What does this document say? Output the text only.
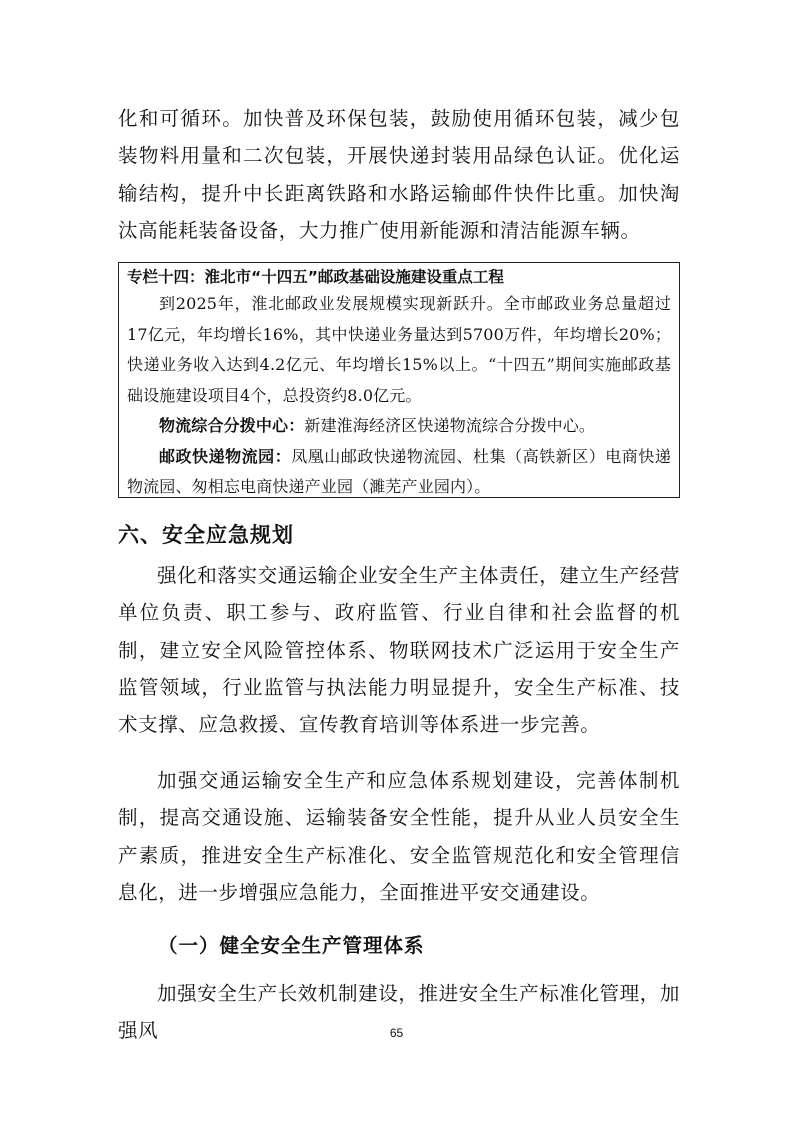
化和可循环。加快普及环保包装，鼓励使用循环包装，减少包装物料用量和二次包装，开展快递封装用品绿色认证。优化运输结构，提升中长距离铁路和水路运输邮件快件比重。加快淘汰高能耗装备设备，大力推广使用新能源和清洁能源车辆。

专栏十四：淮北市“十四五”邮政基础设施建设重点工程

到2025年，淮北邮政业发展规模实现新跃升。全市邮政业务总量超过17亿元，年均增长16%，其中快递业务量达到5700万件，年均增长20%；快递业务收入达到4.2亿元、年均增长15%以上。“十四五”期间实施邮政基础设施建设项目4个，总投资约8.0亿元。

物流综合分拨中心：新建淮海经济区快递物流综合分拨中心。

邮政快递物流园：凤凰山邮政快递物流园、杜集（高铁新区）电商快递物流园、匆相忘电商快递产业园（濉芜产业园内）。

六、安全应急规划

强化和落实交通运输企业安全生产主体责任，建立生产经营单位负责、职工参与、政府监管、行业自律和社会监督的机制，建立安全风险管控体系、物联网技术广泛运用于安全生产监管领域，行业监管与执法能力明显提升，安全生产标准、技术支撑、应急救援、宣传教育培训等体系进一步完善。

加强交通运输安全生产和应急体系规划建设，完善体制机制，提高交通设施、运输装备安全性能，提升从业人员安全生产素质，推进安全生产标准化、安全监管规范化和安全管理信息化，进一步增强应急能力，全面推进平安交通建设。

（一）健全安全生产管理体系

加强安全生产长效机制建设，推进安全生产标准化管理，加强风	65
